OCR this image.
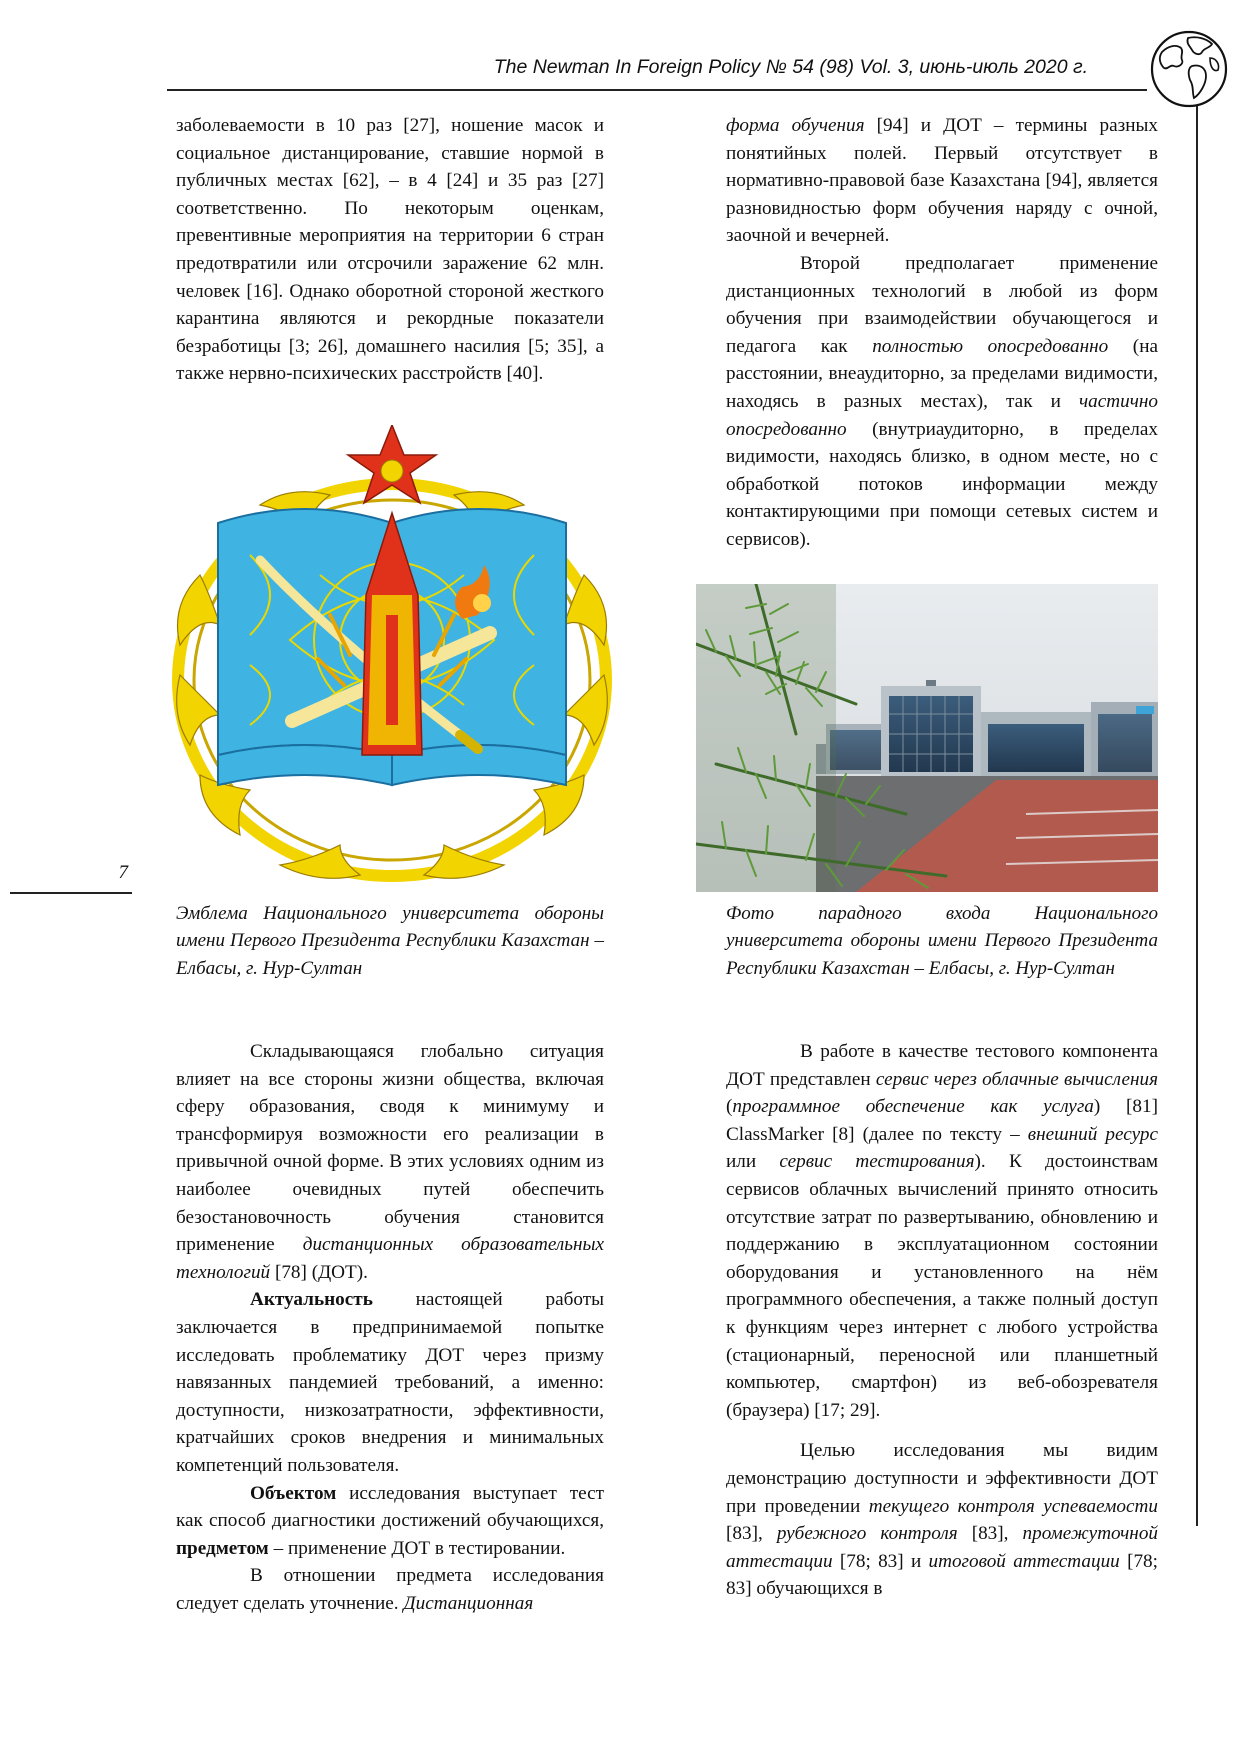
The Newman In Foreign Policy № 54 (98) Vol. 3, июнь-июль 2020 г.

заболеваемости в 10 раз [27], ношение масок и социальное дистанцирование, ставшие нормой в публичных местах [62], – в 4 [24] и 35 раз [27] соответственно. По некоторым оценкам, превентивные мероприятия на территории 6 стран предотвратили или отсрочили заражение 62 млн. человек [16]. Однако оборотной стороной жесткого карантина являются и рекордные показатели безработицы [3; 26], домашнего насилия [5; 35], а также нервно-психических расстройств [40].

Эмблема Национального университета обороны имени Первого Президента Республики Казахстан – Елбасы, г. Нур-Султан

Складывающаяся глобально ситуация влияет на все стороны жизни общества, включая сферу образования, сводя к минимуму и трансформируя возможности его реализации в привычной очной форме. В этих условиях одним из наиболее очевидных путей обеспечить безостановочность обучения становится применение дистанционных образовательных технологий [78] (ДОТ).

Актуальность настоящей работы заключается в предпринимаемой попытке исследовать проблематику ДОТ через призму навязанных пандемией требований, а именно: доступности, низкозатратности, эффективности, кратчайших сроков внедрения и минимальных компетенций пользователя.

Объектом исследования выступает тест как способ диагностики достижений обучающихся, предметом – применение ДОТ в тестировании.

В отношении предмета исследования следует сделать уточнение. Дистанционная

форма обучения [94] и ДОТ – термины разных понятийных полей. Первый отсутствует в нормативно-правовой базе Казахстана [94], является разновидностью форм обучения наряду с очной, заочной и вечерней.

Второй предполагает применение дистанционных технологий в любой из форм обучения при взаимодействии обучающегося и педагога как полностью опосредованно (на расстоянии, внеаудиторно, за пределами видимости, находясь в разных местах), так и частично опосредованно (внутриаудиторно, в пределах видимости, находясь близко, в одном месте, но с обработкой потоков информации между контактирующими при помощи сетевых систем и сервисов).

Фото парадного входа Национального университета обороны имени Первого Президента Республики Казахстан – Елбасы, г. Нур-Султан

В работе в качестве тестового компонента ДОТ представлен сервис через облачные вычисления (программное обеспечение как услуга) [81] ClassMarker [8] (далее по тексту – внешний ресурс или сервис тестирования). К достоинствам сервисов облачных вычислений принято относить отсутствие затрат по развертыванию, обновлению и поддержанию в эксплуатационном состоянии оборудования и установленного на нём программного обеспечения, а также полный доступ к функциям через интернет с любого устройства (стационарный, переносной или планшетный компьютер, смартфон) из веб-обозревателя (браузера) [17; 29].

Целью исследования мы видим демонстрацию доступности и эффективности ДОТ при проведении текущего контроля успеваемости [83], рубежного контроля [83], промежуточной аттестации [78; 83] и итоговой аттестации [78; 83] обучающихся в

7
